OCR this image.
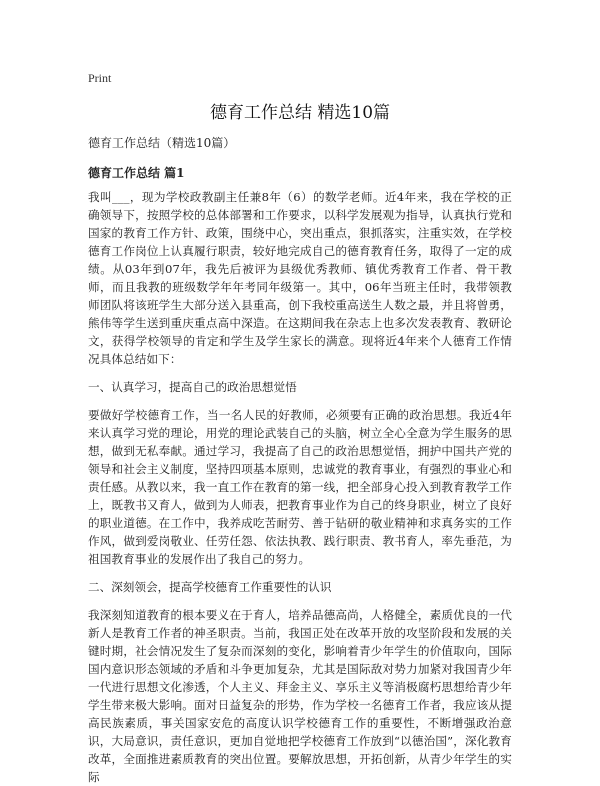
Print

德育工作总结 精选10篇

德育工作总结（精选10篇）

德育工作总结 篇1

我叫___，现为学校政教副主任兼8年（6）的数学老师。近4年来，我在学校的正确领导下，按照学校的总体部署和工作要求，以科学发展观为指导，认真执行党和国家的教育工作方针、政策，围绕中心，突出重点，狠抓落实，注重实效，在学校德育工作岗位上认真履行职责，较好地完成自己的德育教育任务，取得了一定的成绩。从03年到07年，我先后被评为县级优秀教师、镇优秀教育工作者、骨干教师，而且我教的班级数学年年考同年级第一。其中，06年当班主任时，我带领教师团队将该班学生大部分送入县重高，创下我校重高送生人数之最，并且将曾勇，熊伟等学生送到重庆重点高中深造。在这期间我在杂志上也多次发表教育、教研论文，获得学校领导的肯定和学生及学生家长的满意。现将近4年来个人德育工作情况具体总结如下：

一、认真学习，提高自己的政治思想觉悟

要做好学校德育工作，当一名人民的好教师，必须要有正确的政治思想。我近4年来认真学习党的理论，用党的理论武装自己的头脑，树立全心全意为学生服务的思想，做到无私奉献。通过学习，我提高了自己的政治思想觉悟，拥护中国共产党的领导和社会主义制度，坚持四项基本原则，忠诚党的教育事业，有强烈的事业心和责任感。从教以来，我一直工作在教育的第一线，把全部身心投入到教育教学工作上，既教书又育人，做到为人师表，把教育事业作为自己的终身职业，树立了良好的职业道德。在工作中，我养成吃苦耐劳、善于钻研的敬业精神和求真务实的工作作风，做到爱岗敬业、任劳任怨、依法执教、践行职责、教书育人，率先垂范，为祖国教育事业的发展作出了我自己的努力。

二、深刻领会，提高学校德育工作重要性的认识

我深刻知道教育的根本要义在于育人，培养品德高尚，人格健全，素质优良的一代新人是教育工作者的神圣职责。当前，我国正处在改革开放的攻坚阶段和发展的关键时期，社会情况发生了复杂而深刻的变化，影响着青少年学生的价值取向，国际国内意识形态领域的矛盾和斗争更加复杂，尤其是国际敌对势力加紧对我国青少年一代进行思想文化渗透，个人主义、拜金主义、享乐主义等消极腐朽思想给青少年学生带来极大影响。面对日益复杂的形势，作为学校一名德育工作者，我应该从提高民族素质，事关国家安危的高度认识学校德育工作的重要性，不断增强政治意识，大局意识，责任意识，更加自觉地把学校德育工作放到“以德治国”，深化教育改革，全面推进素质教育的突出位置。要解放思想，开拓创新，从青少年学生的实际
